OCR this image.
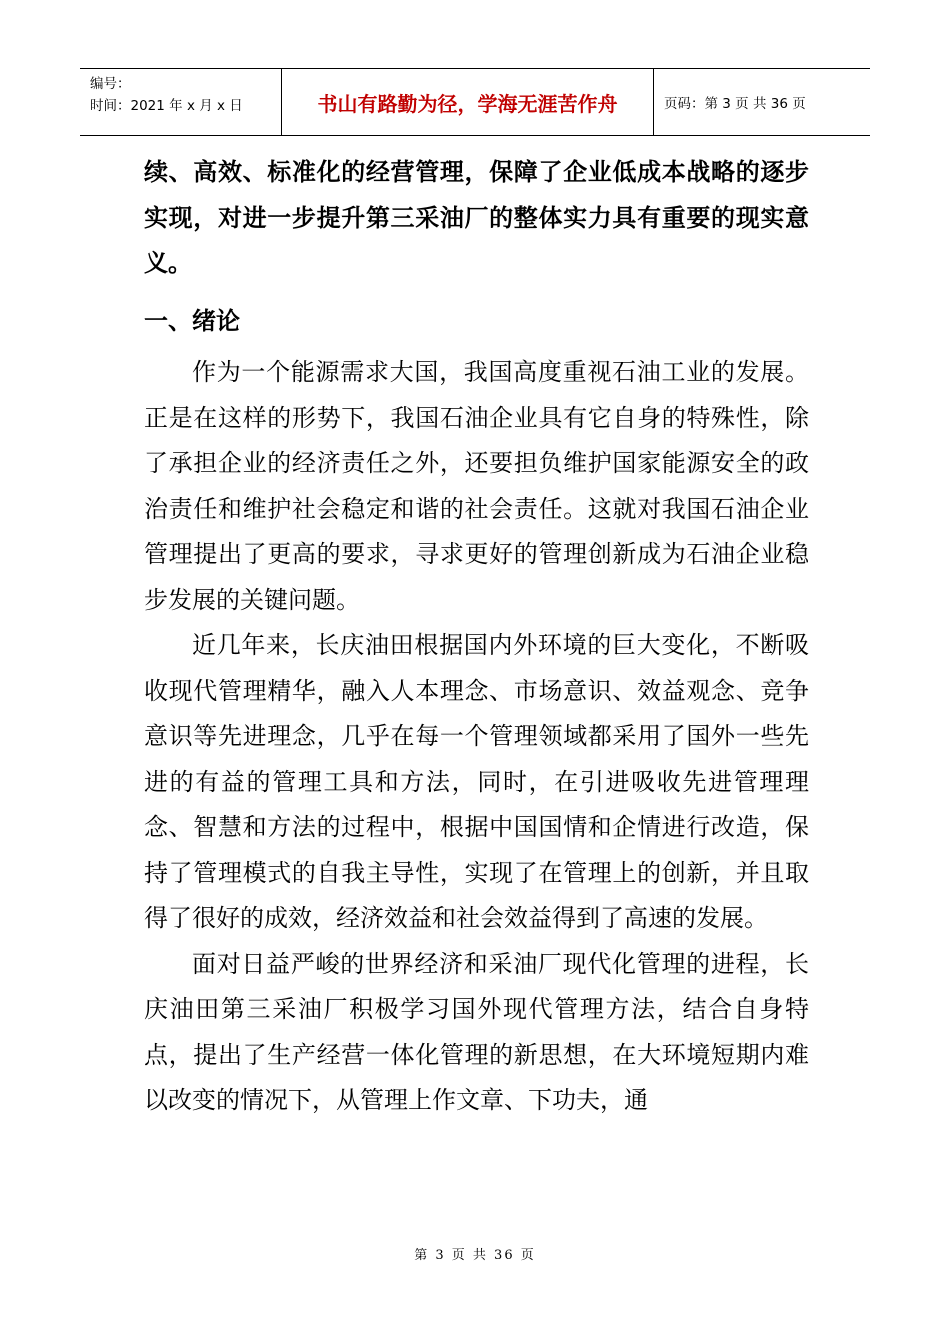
编号：
时间：2021 年 x 月 x 日	书山有路勤为径，学海无涯苦作舟	页码：第 3 页 共 36 页

续、高效、标准化的经营管理，保障了企业低成本战略的逐步实现，对进一步提升第三采油厂的整体实力具有重要的现实意义。

一、绪论

作为一个能源需求大国，我国高度重视石油工业的发展。正是在这样的形势下，我国石油企业具有它自身的特殊性，除了承担企业的经济责任之外，还要担负维护国家能源安全的政治责任和维护社会稳定和谐的社会责任。这就对我国石油企业管理提出了更高的要求，寻求更好的管理创新成为石油企业稳步发展的关键问题。

近几年来，长庆油田根据国内外环境的巨大变化，不断吸收现代管理精华，融入人本理念、市场意识、效益观念、竞争意识等先进理念，几乎在每一个管理领域都采用了国外一些先进的有益的管理工具和方法，同时，在引进吸收先进管理理念、智慧和方法的过程中，根据中国国情和企情进行改造，保持了管理模式的自我主导性，实现了在管理上的创新，并且取得了很好的成效，经济效益和社会效益得到了高速的发展。

面对日益严峻的世界经济和采油厂现代化管理的进程，长庆油田第三采油厂积极学习国外现代管理方法，结合自身特点，提出了生产经营一体化管理的新思想，在大环境短期内难以改变的情况下，从管理上作文章、下功夫，通

第 3 页 共 36 页
